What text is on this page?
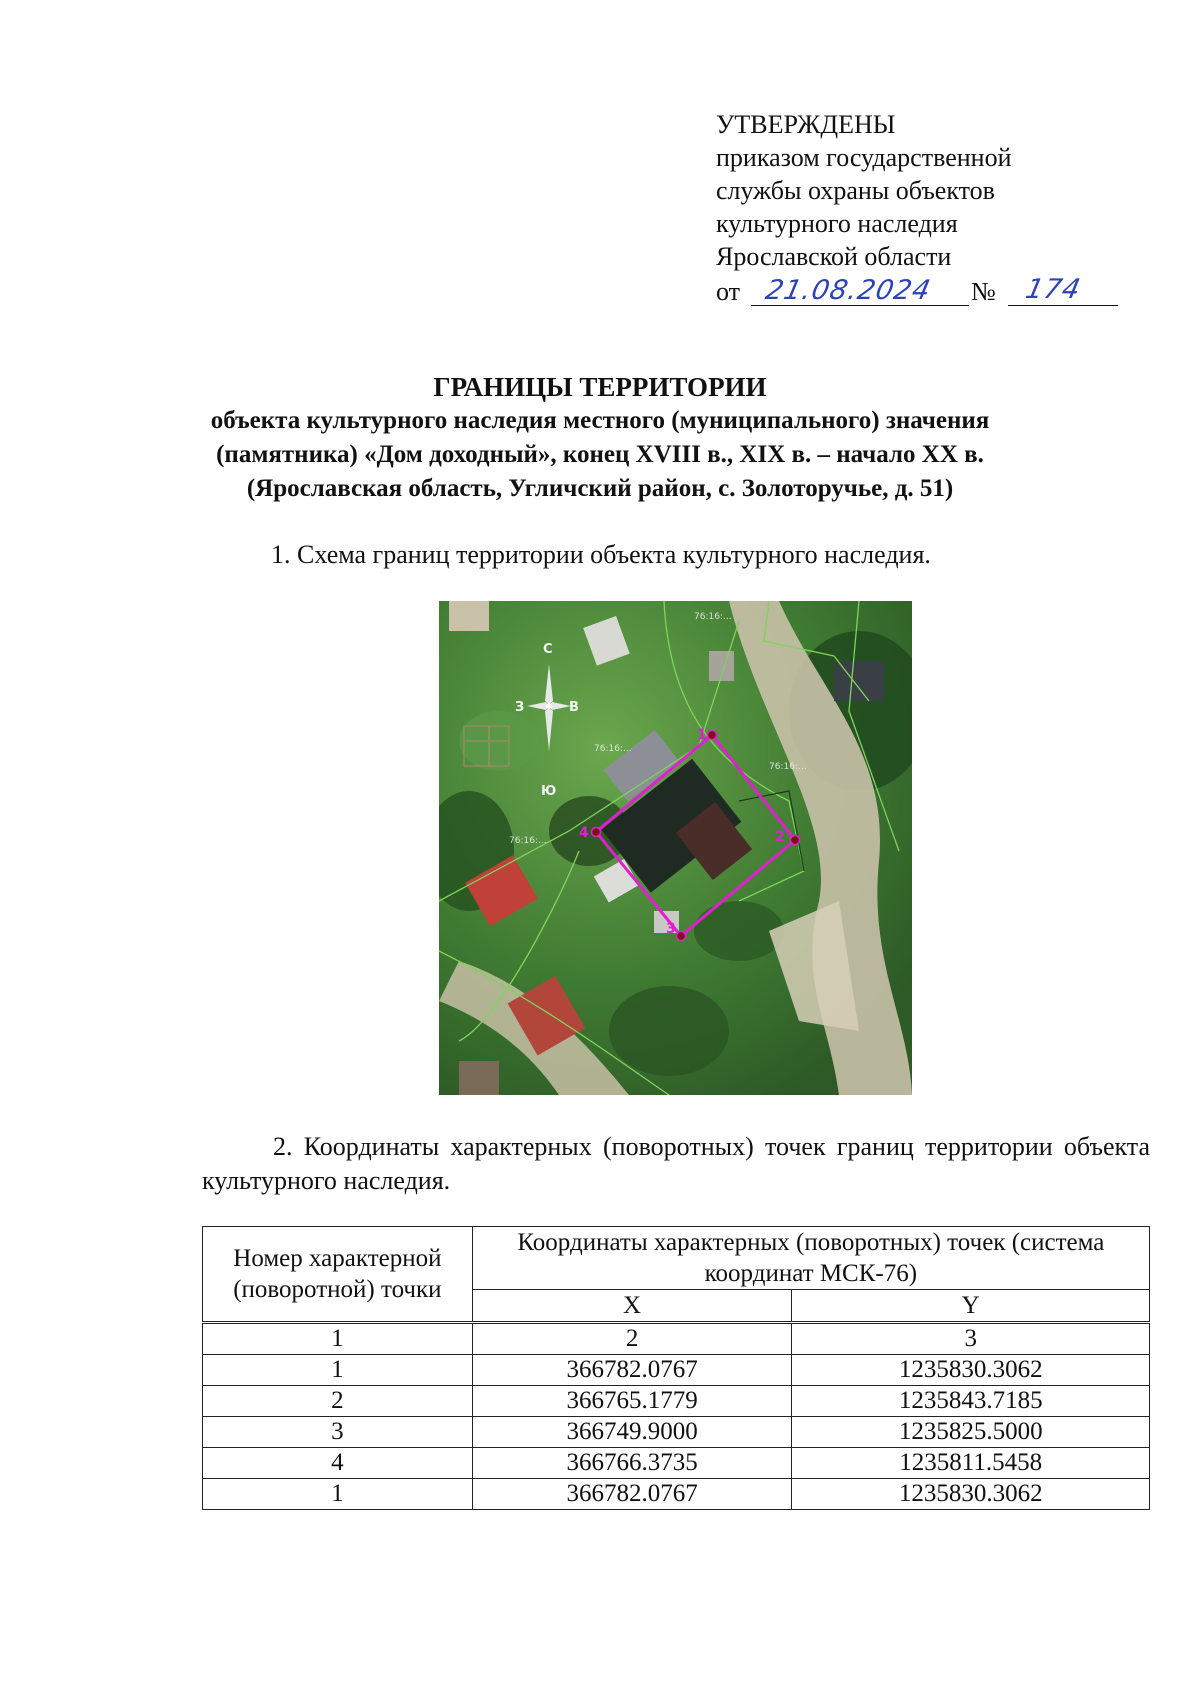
УТВЕРЖДЕНЫ
приказом государственной
службы охраны объектов
культурного наследия
Ярославской области
от 21.08.2024 № 174
ГРАНИЦЫ ТЕРРИТОРИИ
объекта культурного наследия местного (муниципального) значения
(памятника) «Дом доходный», конец XVIII в., XIX в. – начало XX в.
(Ярославская область, Угличский район, с. Золоторучье, д. 51)
1. Схема границ территории объекта культурного наследия.
76:16:...
76:16:...
76:16:...
76:16:...
С
З	В
Ю
1
2
3
4
2. Координаты характерных (поворотных) точек границ территории объекта культурного наследия.
Номер характерной (поворотной) точки	Координаты характерных (поворотных) точек (система координат МСК-76)	
	X	Y
1	2	3
1	366782.0767	1235830.3062
2	366765.1779	1235843.7185
3	366749.9000	1235825.5000
4	366766.3735	1235811.5458
1	366782.0767	1235830.3062
